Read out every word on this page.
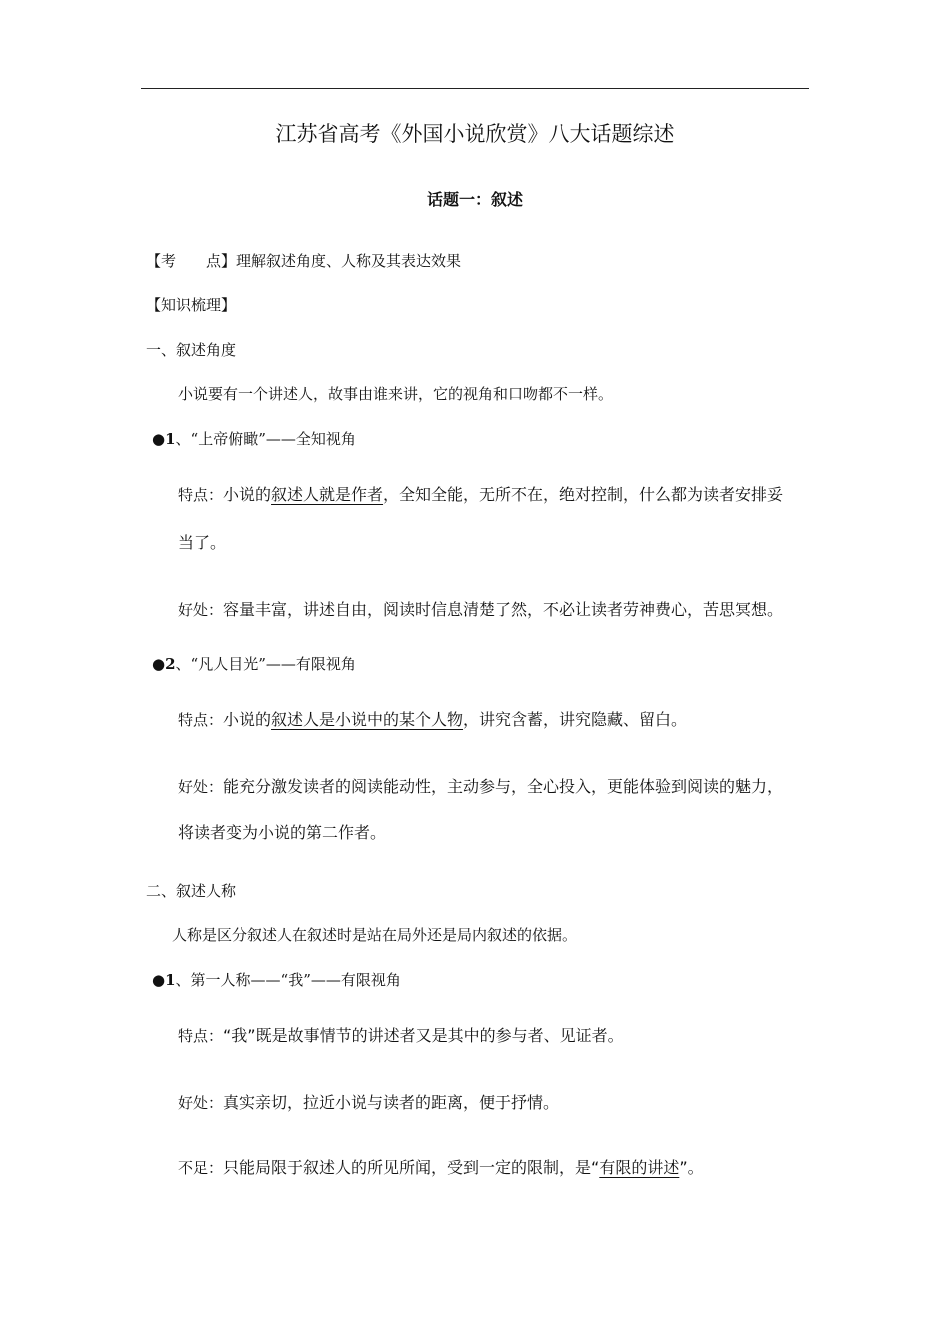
江苏省高考《外国小说欣赏》八大话题综述
话题一：叙述
【考　　点】理解叙述角度、人称及其表达效果
【知识梳理】
一、叙述角度
小说要有一个讲述人，故事由谁来讲，它的视角和口吻都不一样。
●1、“上帝俯瞰”——全知视角
特点：小说的叙述人就是作者，全知全能，无所不在，绝对控制，什么都为读者安排妥
当了。
好处：容量丰富，讲述自由，阅读时信息清楚了然，不必让读者劳神费心，苦思冥想。
●2、“凡人目光”——有限视角
特点：小说的叙述人是小说中的某个人物，讲究含蓄，讲究隐藏、留白。
好处：能充分激发读者的阅读能动性，主动参与，全心投入，更能体验到阅读的魅力，
将读者变为小说的第二作者。
二、叙述人称
人称是区分叙述人在叙述时是站在局外还是局内叙述的依据。
●1、第一人称——“我”——有限视角
特点：“我”既是故事情节的讲述者又是其中的参与者、见证者。
好处：真实亲切，拉近小说与读者的距离，便于抒情。
不足：只能局限于叙述人的所见所闻，受到一定的限制，是“有限的讲述”。
